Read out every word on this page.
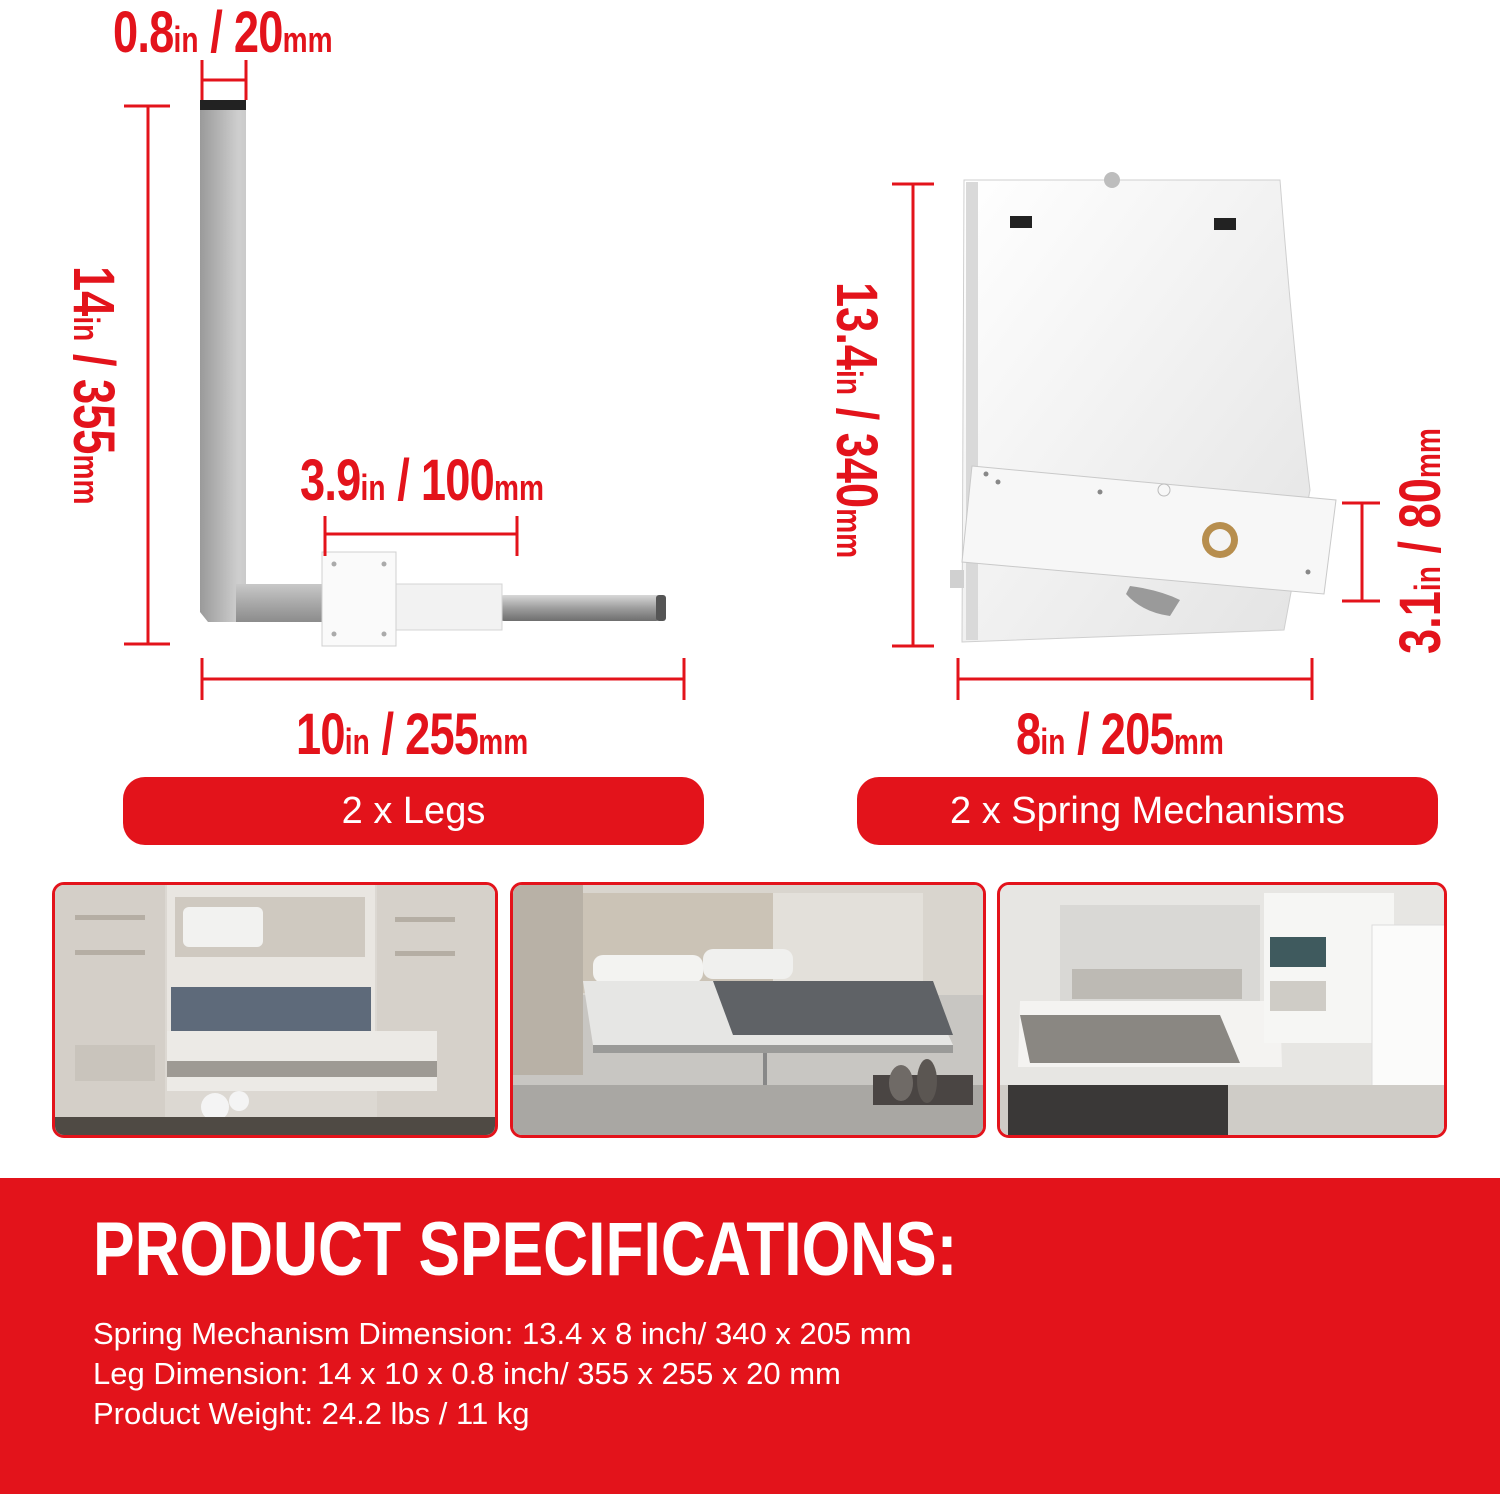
0.8in / 20mm
14in / 355mm	3.9in / 100mm
10in / 255mm
13.4in / 340mm
3.1in / 80mm
8in / 205mm
2 x Legs	2 x Spring Mechanisms
PRODUCT SPECIFICATIONS:
Spring Mechanism Dimension: 13.4 x 8 inch/ 340 x 205 mm
Leg Dimension: 14 x 10 x 0.8 inch/ 355 x 255 x 20 mm
Product Weight: 24.2 lbs / 11 kg
